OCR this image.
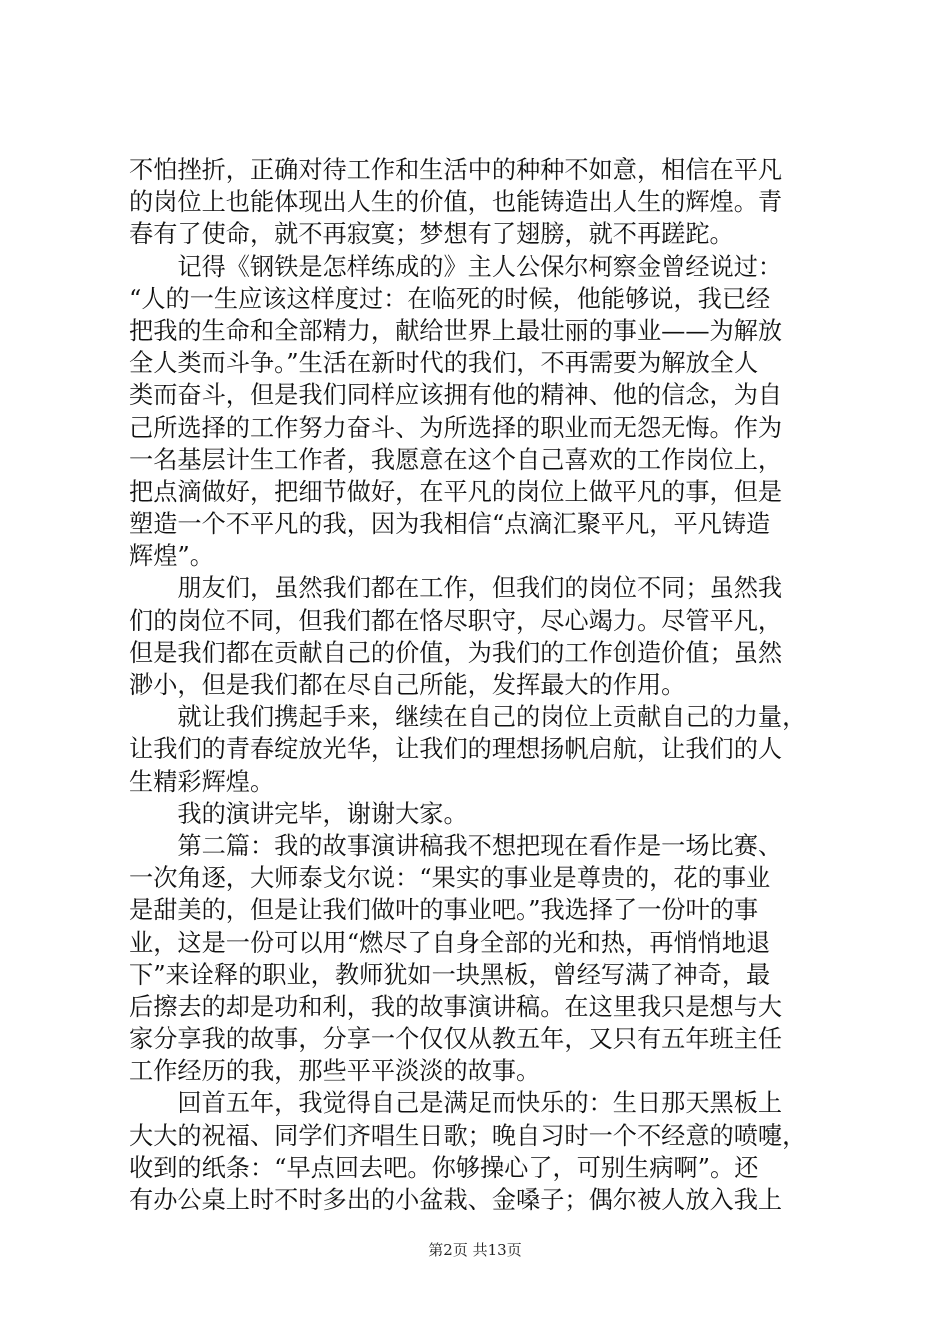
不怕挫折，正确对待工作和生活中的种种不如意，相信在平凡
的岗位上也能体现出人生的价值，也能铸造出人生的辉煌。青
春有了使命，就不再寂寞；梦想有了翅膀，就不再蹉跎。
　　记得《钢铁是怎样练成的》主人公保尔柯察金曾经说过：
“人的一生应该这样度过：在临死的时候，他能够说，我已经
把我的生命和全部精力，献给世界上最壮丽的事业——为解放
全人类而斗争。”生活在新时代的我们，不再需要为解放全人
类而奋斗，但是我们同样应该拥有他的精神、他的信念，为自
己所选择的工作努力奋斗、为所选择的职业而无怨无悔。作为
一名基层计生工作者，我愿意在这个自己喜欢的工作岗位上，
把点滴做好，把细节做好，在平凡的岗位上做平凡的事，但是
塑造一个不平凡的我，因为我相信“点滴汇聚平凡，平凡铸造
辉煌”。
　　朋友们，虽然我们都在工作，但我们的岗位不同；虽然我
们的岗位不同，但我们都在恪尽职守，尽心竭力。尽管平凡，
但是我们都在贡献自己的价值，为我们的工作创造价值；虽然
渺小，但是我们都在尽自己所能，发挥最大的作用。
　　就让我们携起手来，继续在自己的岗位上贡献自己的力量，
让我们的青春绽放光华，让我们的理想扬帆启航，让我们的人
生精彩辉煌。
　　我的演讲完毕，谢谢大家。
　　第二篇：我的故事演讲稿我不想把现在看作是一场比赛、
一次角逐，大师泰戈尔说：“果实的事业是尊贵的，花的事业
是甜美的，但是让我们做叶的事业吧。”我选择了一份叶的事
业，这是一份可以用“燃尽了自身全部的光和热，再悄悄地退
下”来诠释的职业，教师犹如一块黑板，曾经写满了神奇，最
后擦去的却是功和利，我的故事演讲稿。在这里我只是想与大
家分享我的故事，分享一个仅仅从教五年，又只有五年班主任
工作经历的我，那些平平淡淡的故事。
　　回首五年，我觉得自己是满足而快乐的：生日那天黑板上
大大的祝福、同学们齐唱生日歌；晚自习时一个不经意的喷嚏，
收到的纸条：“早点回去吧。你够操心了，可别生病啊”。还
有办公桌上时不时多出的小盆栽、金嗓子；偶尔被人放入我上
第2页 共13页
